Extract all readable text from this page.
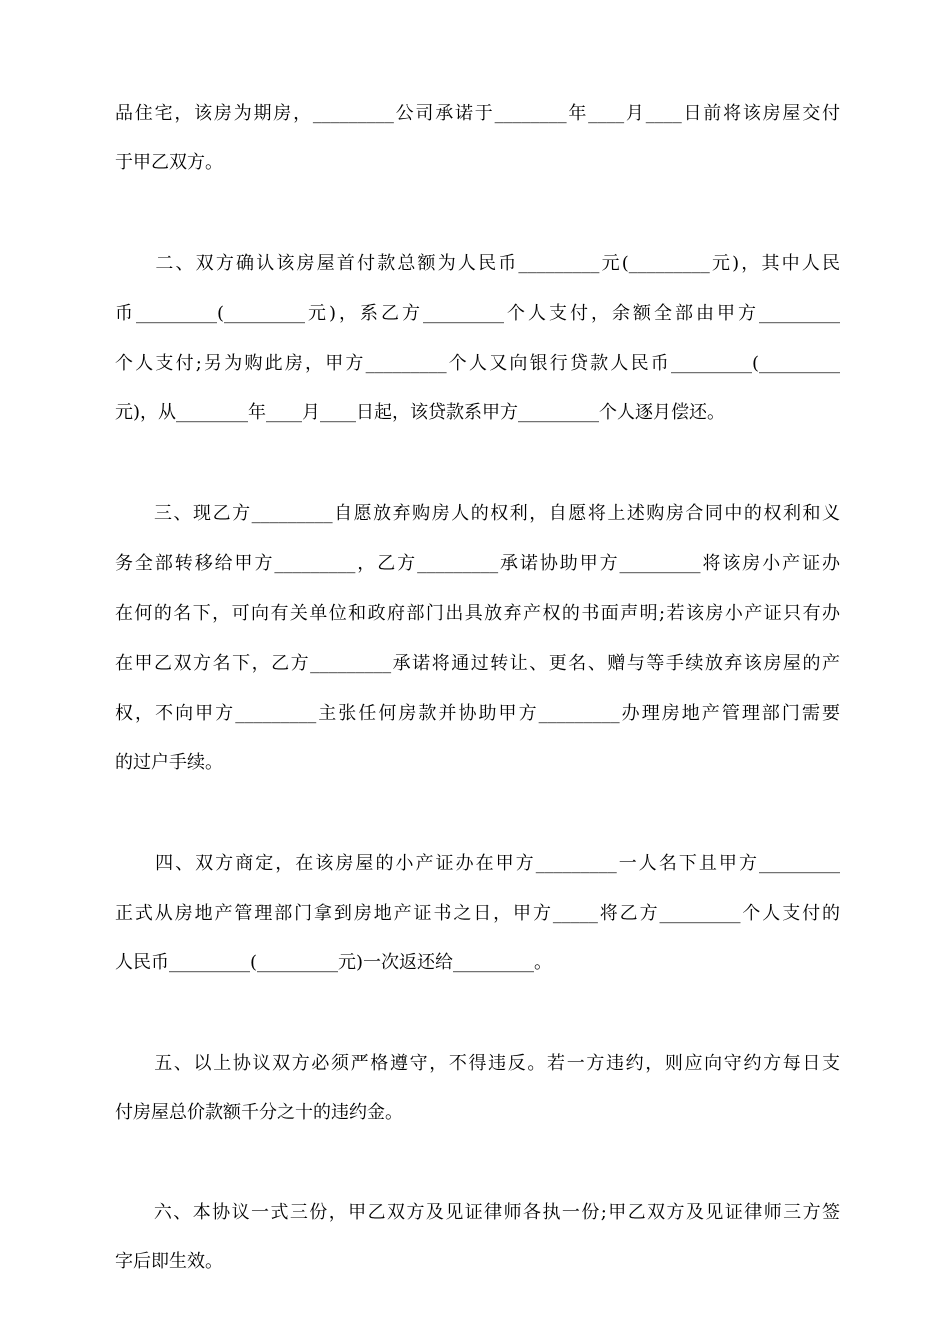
品住宅，该房为期房，_________公司承诺于________年____月____日前将该房屋交付
于甲乙双方。
　　二、双方确认该房屋首付款总额为人民币_________元(_________元)，其中人民
币_________(_________元)，系乙方_________个人支付，余额全部由甲方_________
个人支付;另为购此房，甲方_________个人又向银行贷款人民币_________(_________
元)，从________年____月____日起，该贷款系甲方_________个人逐月偿还。
　　三、现乙方_________自愿放弃购房人的权利，自愿将上述购房合同中的权利和义
务全部转移给甲方_________，乙方_________承诺协助甲方_________将该房小产证办
在何的名下，可向有关单位和政府部门出具放弃产权的书面声明;若该房小产证只有办
在甲乙双方名下，乙方_________承诺将通过转让、更名、赠与等手续放弃该房屋的产
权，不向甲方_________主张任何房款并协助甲方_________办理房地产管理部门需要
的过户手续。
　　四、双方商定，在该房屋的小产证办在甲方_________一人名下且甲方_________
正式从房地产管理部门拿到房地产证书之日，甲方_____将乙方_________个人支付的
人民币_________(_________元)一次返还给_________。
　　五、以上协议双方必须严格遵守，不得违反。若一方违约，则应向守约方每日支
付房屋总价款额千分之十的违约金。
　　六、本协议一式三份，甲乙双方及见证律师各执一份;甲乙双方及见证律师三方签
字后即生效。
